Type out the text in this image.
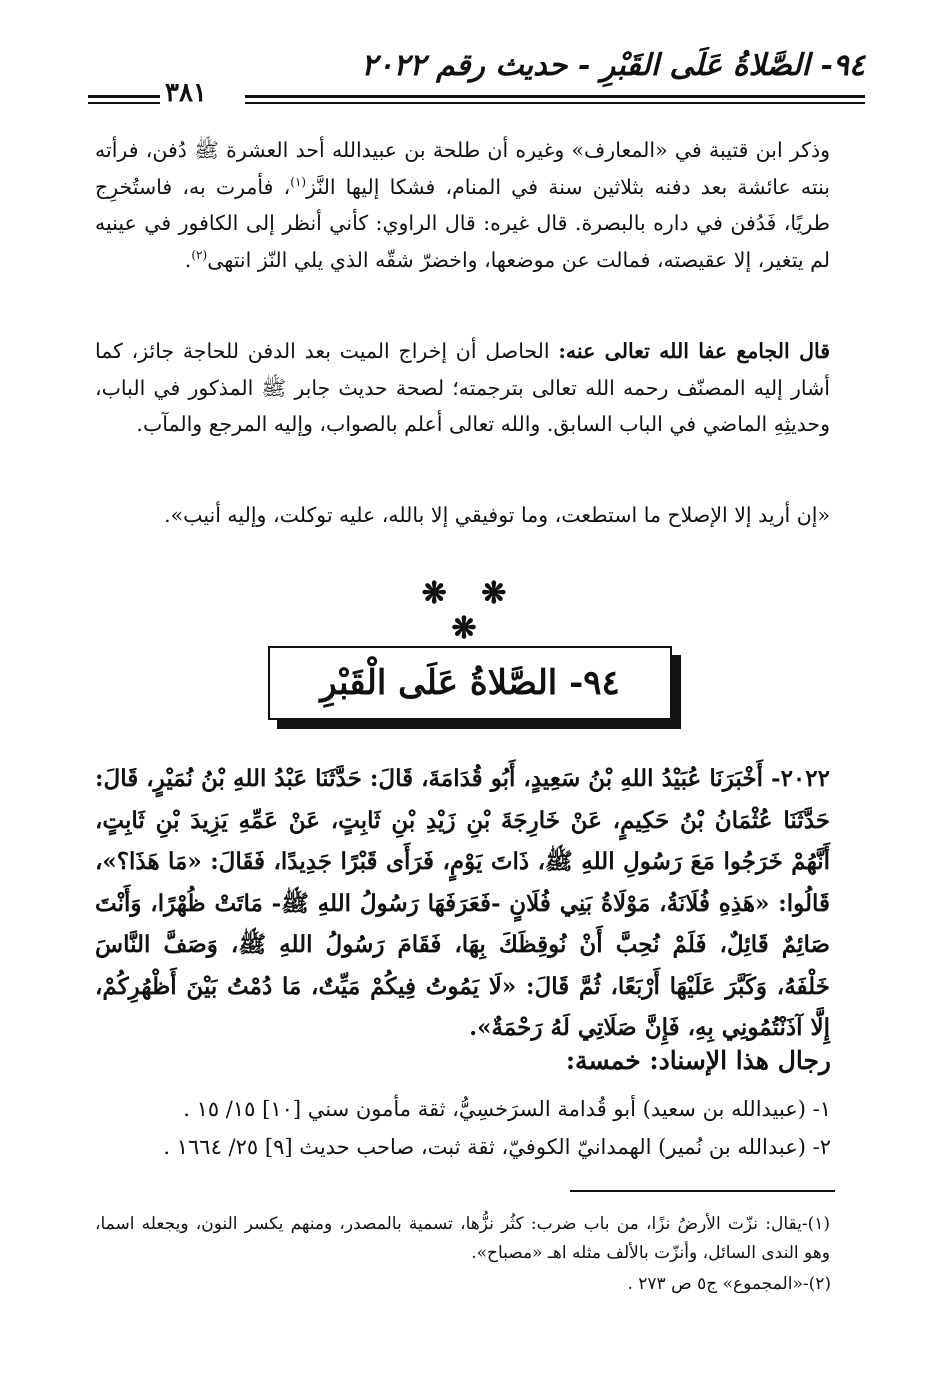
٩٤- الصَّلاةُ عَلَى القَبْرِ - حديث رقم ٢٠٢٢
٣٨١

وذكر ابن قتيبة في «المعارف» وغيره أن طلحة بن عبيدالله أحد العشرة ﷺ دُفن، فرأته بنته عائشة بعد دفنه بثلاثين سنة في المنام، فشكا إليها النَّز$^{(١)}$، فأمرت به، فاستُخرِج طريًا، فَدُفن في داره بالبصرة. قال غيره: قال الراوي: كأني أنظر إلى الكافور في عينيه لم يتغير، إلا عقيصته، فمالت عن موضعها، واخضرّ شقّه الذي يلي النّز انتهى$^{(٢)}$.

قال الجامع عفا الله تعالى عنه: الحاصل أن إخراج الميت بعد الدفن للحاجة جائز، كما أشار إليه المصنّف رحمه الله تعالى بترجمته؛ لصحة حديث جابر ﷺ المذكور في الباب، وحديثِهِ الماضي في الباب السابق. والله تعالى أعلم بالصواب، وإليه المرجع والمآب.

«إن أريد إلا الإصلاح ما استطعت، وما توفيقي إلا بالله، عليه توكلت، وإليه أنيب».

❋ ❋ ❋
٩٤- الصَّلاةُ عَلَى الْقَبْرِ

٢٠٢٢- أَخْبَرَنَا عُبَيْدُ اللهِ بْنُ سَعِيدٍ، أَبُو قُدَامَةَ، قَالَ: حَدَّثَنَا عَبْدُ اللهِ بْنُ نُمَيْرٍ، قَالَ: حَدَّثَنَا عُثْمَانُ بْنُ حَكِيمٍ، عَنْ خَارِجَةَ بْنِ زَيْدِ بْنِ ثَابِتٍ، عَنْ عَمِّهِ يَزِيدَ بْنِ ثَابِتٍ، أَنَّهُمْ خَرَجُوا مَعَ رَسُولِ اللهِ ﷺ، ذَاتَ يَوْمٍ، فَرَأَى قَبْرًا جَدِيدًا، فَقَالَ: «مَا هَذَا؟»، قَالُوا: «هَذِهِ فُلَانَةُ، مَوْلَاةُ بَنِي فُلَانٍ -فَعَرَفَهَا رَسُولُ اللهِ ﷺ- مَاتَتْ ظُهْرًا، وَأَنْتَ صَائِمٌ قَائِلٌ، فَلَمْ نُحِبَّ أَنْ نُوقِظَكَ بِهَا، فَقَامَ رَسُولُ اللهِ ﷺ، وَصَفَّ النَّاسَ خَلْفَهُ، وَكَبَّرَ عَلَيْهَا أَرْبَعًا، ثُمَّ قَالَ: «لَا يَمُوتُ فِيكُمْ مَيِّتٌ، مَا دُمْتُ بَيْنَ أَظْهُرِكُمْ، إِلَّا آذَنْتُمُونِي بِهِ، فَإِنَّ صَلَاتِي لَهُ رَحْمَةٌ».

رجال هذا الإسناد: خمسة:
١- (عبيدالله بن سعيد) أبو قُدامة السرَخسِيُّ، ثقة مأمون سني [١٠] ١٥/ ١٥ .
٢- (عبدالله بن نُمير) الهمدانيّ الكوفيّ، ثقة ثبت، صاحب حديث [٩] ٢٥/ ١٦٦٤ .

(١)-يقال: نزّت الأرضُ نزًا، من باب ضرب: كثُر نزُّها، تسمية بالمصدر، ومنهم يكسر النون، ويجعله اسما، وهو الندى السائل، وأنزّت بالألف مثله اهـ «مصباح».

(٢)-«المجموع» ج٥ ص ٢٧٣ .
